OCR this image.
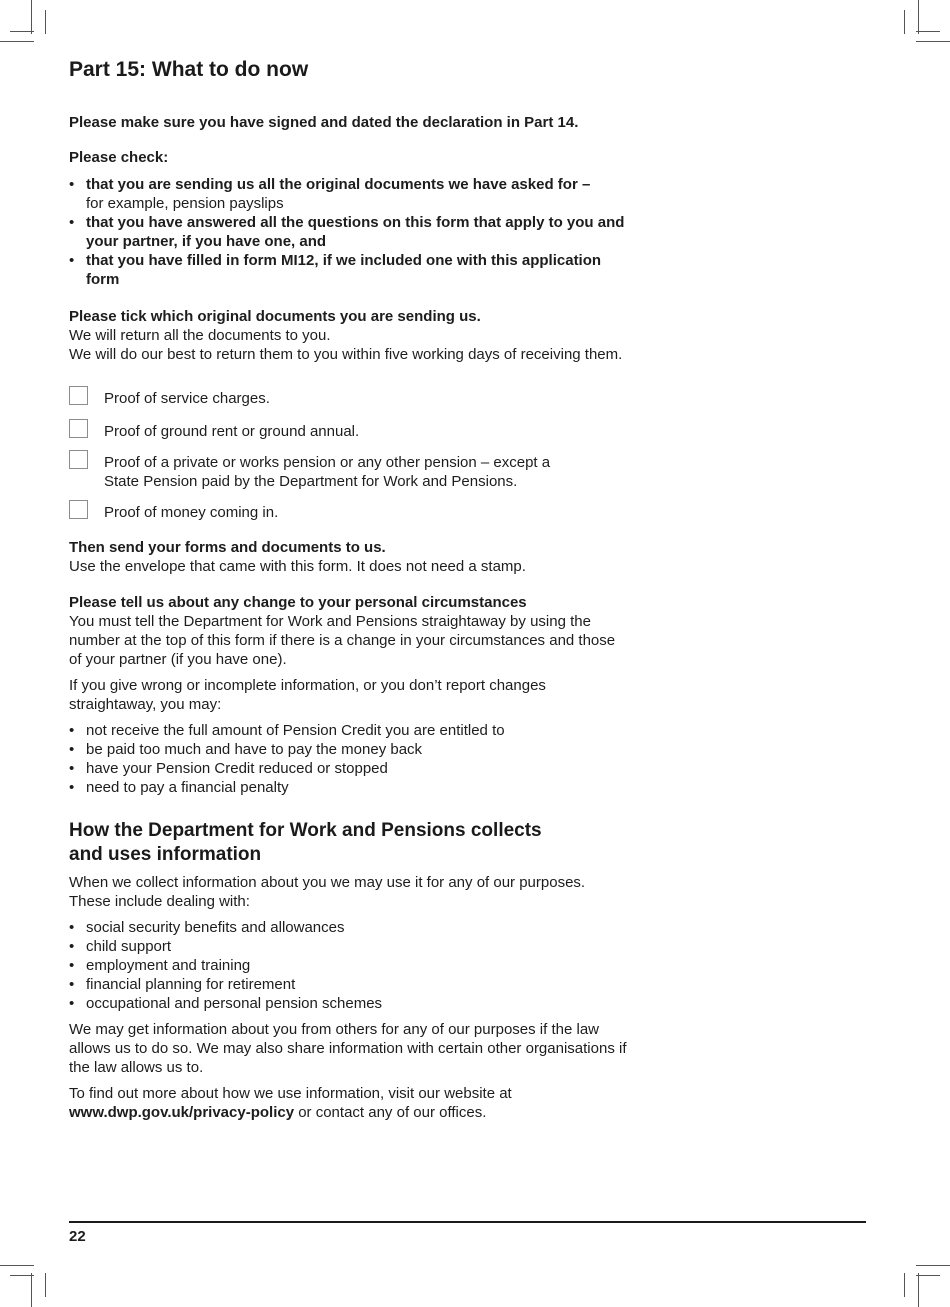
Part 15: What to do now

Please make sure you have signed and dated the declaration in Part 14.

Please check:

• that you are sending us all the original documents we have asked for –
for example, pension payslips
• that you have answered all the questions on this form that apply to you and your partner, if you have one, and
• that you have filled in form MI12, if we included one with this application form

Please tick which original documents you are sending us.

We will return all the documents to you.

We will do our best to return them to you within five working days of receiving them.

Proof of service charges.
Proof of ground rent or ground annual.
Proof of a private or works pension or any other pension – except a State Pension paid by the Department for Work and Pensions.
Proof of money coming in.

Then send your forms and documents to us.

Use the envelope that came with this form. It does not need a stamp.

Please tell us about any change to your personal circumstances

You must tell the Department for Work and Pensions straightaway by using the number at the top of this form if there is a change in your circumstances and those of your partner (if you have one).

If you give wrong or incomplete information, or you don’t report changes straightaway, you may:

• not receive the full amount of Pension Credit you are entitled to
• be paid too much and have to pay the money back
• have your Pension Credit reduced or stopped
• need to pay a financial penalty
How the Department for Work and Pensions collects and uses information

When we collect information about you we may use it for any of our purposes. These include dealing with:

• social security benefits and allowances
• child support
• employment and training
• financial planning for retirement
• occupational and personal pension schemes

We may get information about you from others for any of our purposes if the law allows us to do so. We may also share information with certain other organisations if the law allows us to.

To find out more about how we use information, visit our website at
www.dwp.gov.uk/privacy-policy or contact any of our offices.

22
